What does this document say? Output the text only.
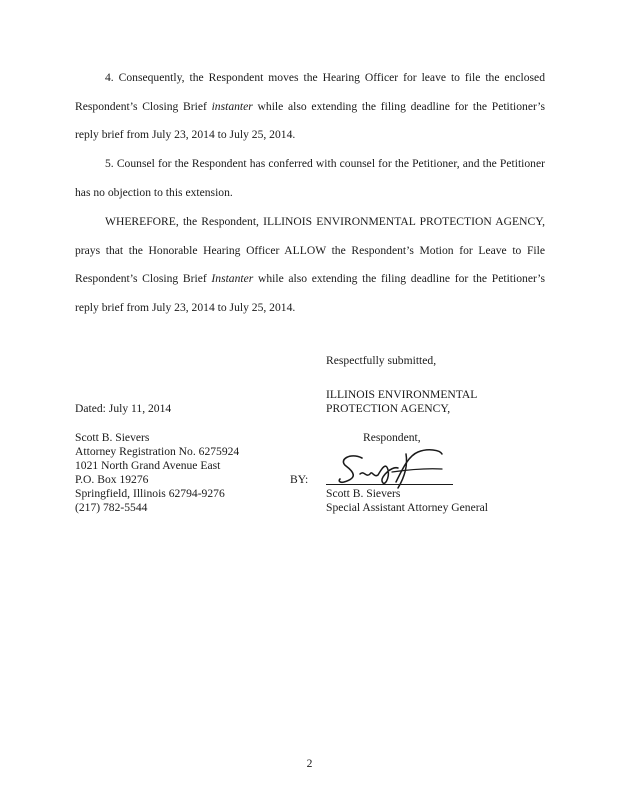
4. Consequently, the Respondent moves the Hearing Officer for leave to file the enclosed Respondent’s Closing Brief instanter while also extending the filing deadline for the Petitioner’s reply brief from July 23, 2014 to July 25, 2014.

5. Counsel for the Respondent has conferred with counsel for the Petitioner, and the Petitioner has no objection to this extension.

WHEREFORE, the Respondent, ILLINOIS ENVIRONMENTAL PROTECTION AGENCY, prays that the Honorable Hearing Officer ALLOW the Respondent’s Motion for Leave to File Respondent’s Closing Brief Instanter while also extending the filing deadline for the Petitioner’s reply brief from July 23, 2014 to July 25, 2014.

Respectfully submitted,

ILLINOIS ENVIRONMENTAL

PROTECTION AGENCY,

Dated: July 11, 2014

Respondent,

Scott B. Sievers

Attorney Registration No. 6275924

1021 North Grand Avenue East

P.O. Box 19276

Springfield, Illinois 62794-9276

(217) 782-5544

BY:

Scott B. Sievers

Special Assistant Attorney General

2
